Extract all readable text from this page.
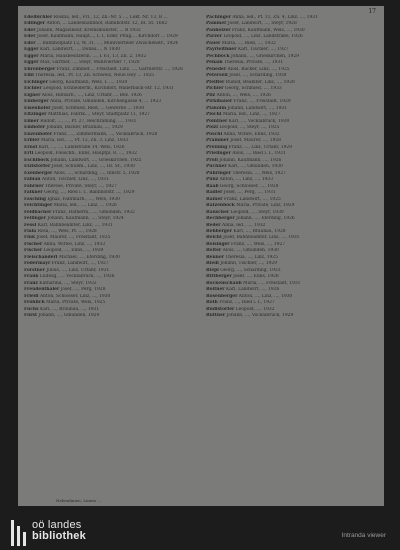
17

Edelbichler Rosina, led., Frl., 12, Zn.-Nr. 5 ..., Lokf. Nr. 13, B ...

Edlinger Anton, ... Landesbahnhof, Bahnhofstr. 12, III. St. 1682

Eder Johann, Magazineur, Kremsmünster, ... B 1932

Eder Josef, Kaufmann, Haupt..., L 1, Eder, Pflug..., Kirchdorf ... 1929

Eder ... Bahnhofplatz 12, W, 31, ..., Mühlvierteler Zwischenstr., 1924

Egger Karl, Landwirt, ..., Donau..., N 1930

Egger Maria, Hausbesitzerin, ..., I. 61, 13, Zn. 2, 1932

Egger Max, Gärtner, ..., Steyr, Mühlviertler 7, 1920

Ehrenberger Franz, Zimmer..., Freistadt, Linz, ..., Gärtnerstr. ..., 1928

Eibl Theresia, led., Pf. 13, Zn. Schweiz, Neue Hoy ... 1925

Eichinger Georg, Kaufmann, Wels, I. ..., 1930

Eichler Leopold, Schneiderm., Kirchdorf, Wallerbach-Str. 12, 1931

Eigner Alois, Hilfsarb., ..., Linz, Urfahr, ... Bez. 1926

Einberger Anna, Private, Gmunden, Kirchengasse 4, ... 1923

Eisenhofer Josef, Schmied, Ried, ... Gewerbe ... 1930

Eitzinger Matthias, Fabrik..., Steyr, Stadtplatz 11, 1927

Elmer Rudolf, ..., ..., Pf. 27, Reichraming, ..., 1931

Emhofer Johann, Bäcker, Braunau, ..., 1929

Enzenhofer Franz, ..., Zimmermann, ..., Vöcklabruck, 1928

Erbler Maria, led., ..., Pf. 12, Zn. 3, Linz, 1933

Ernst Karl, ..., ..., Landstraße 14, Wels, 1926

Ertl Leopold, Fleischh., Enns, Hauptpl. 8, ..., 1932

Eschlböck Johann, Landwirt, ..., Grieskirchen, 1925

Etzlstorfer Josef, Schuhm., Linz, ..., III. St., 1930

Exenberger Alois, ..., Schärding, ..., Innstr. 5, 1928

Fabian Anton, Tischler, Linz, ..., 1931

Fahrner Therese, Private, Steyr, ..., 1927

Falkner Georg, ..., Ried i. I., Bahnhofstr. ..., 1929

Fasching Ignaz, Fabrikarb., ..., Wels, 1930

Feichtinger Maria, led., ..., Linz, ... 1926

Feldbacher Franz, Hafnerm., ..., Gmunden, 1932

Fellinger Johann, Kaufmann, ..., Steyr, 1924

Fessl Karl, Bahnbeamter, Linz, ..., 1931

Fiala Rosa, ..., Wels, Pf. ..., 1928

Fink Josef, Maurer, ..., Freistadt, 1925

Fischer Anna, Witwe, Linz, ..., 1933

Fischer Leopold, ..., Enns, ..., 1929

Fleischanderl Michael, ..., Eferding, 1930

Födermayr Franz, Landwirt, ..., 1927

Forstner Julius, ..., Linz, Urfahr, 1931

Frank Ludwig, ..., Vöcklabruck, ..., 1926

Franz Katharina, ..., Steyr, 1932

Freudenthaler Josef, ..., Perg, 1928

Friedl Anton, Schlosser, Linz, ..., 1930

Fröhlich Maria, Private, Wels, 1925

Fuchs Karl, ..., Braunau, ..., 1931

Fürst Johann, ..., Gmunden, 1929

Pachinger Anna, led., Pf. 11, Zn. 4, Linz, ..., 1931

Pammer Josef, Landwirt, ..., Steyr, 1928

Panholzer Franz, Kaufmann, Wels, ..., 1930

Parzer Leopold, ..., Linz, Landstraße, 1926

Pauer Maria, ..., Ried, ..., 1932

Payrleithner Karl, Tischler, ..., 1927

Pechböck Johann, ..., Grieskirchen, 1929

Peham Theresia, Private, ..., 1931

Peneder Alois, Bäcker, Linz, ..., 1925

Peterseil Josef, ..., Schärding, 1930

Pfeiffer Rudolf, Beamter, Linz, ..., 1928

Pichler Georg, Schmied, ..., 1933

Pilz Anton, ..., Wels, ..., 1926

Pirklbauer Franz, ..., Freistadt, 1929

Plakolm Johann, Landwirt, ..., 1931

Plöchl Maria, led., Linz, ..., 1927

Pointner Karl, ..., Vöcklabruck, 1930

Pölzl Leopold, ..., Steyr, ..., 1925

Pöschl Anna, Witwe, Enns, 1932

Prammer Josef, Maurer, ..., 1928

Preining Franz, ..., Linz, Urfahr, 1929

Prielinger Alois, ..., Ried i. I., 1931

Pröll Johann, Kaufmann, ..., 1926

Puchner Karl, ..., Gmunden, 1930

Pühringer Theresia, ..., Wels, 1927

Punz Anton, ..., Linz, ..., 1933

Raab Georg, Schlosser, ..., 1928

Radler Josef, ..., Perg, ..., 1931

Rainer Franz, Landwirt, ..., 1925

Ratzenböck Maria, Private, Linz, 1929

Rauscher Leopold, ..., Steyr, 1930

Rechberger Johann, ..., Eferding, 1926

Reder Anna, led., ..., 1932

Rehberger Karl, ..., Braunau, 1928

Reichl Josef, Bahnbeamter, Linz, ..., 1931

Reisinger Franz, ..., Wels, ..., 1927

Reiter Alois, ..., Gmunden, 1930

Renner Theresia, ..., Linz, 1925

Riedl Johann, Tischler, ..., 1929

Riepl Georg, ..., Schärding, 1933

Rittberger Josef, ..., Enns, 1928

Rockenschaub Maria, ..., Freistadt, 1931

Roitner Karl, Landwirt, ..., 1926

Rosenberger Anton, ..., Linz, ..., 1930

Roth Franz, ..., Ried i. I., 1927

Rudlstorfer Leopold, ..., 1932

Ruttner Johann, ..., Vöcklabruck, 1929

Nebenlinien, Linien ...
oö landes
bibliothek	Intranda viewer
